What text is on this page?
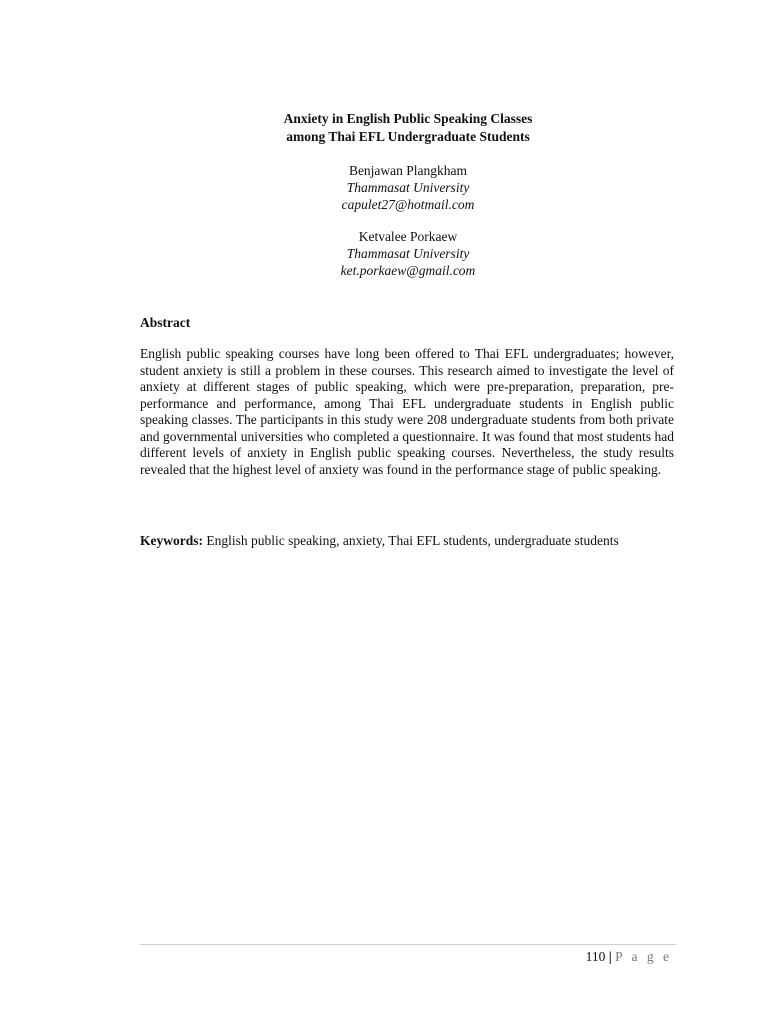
Anxiety in English Public Speaking Classes
among Thai EFL Undergraduate Students
Benjawan Plangkham
Thammasat University
capulet27@hotmail.com
Ketvalee Porkaew
Thammasat University
ket.porkaew@gmail.com
Abstract
English public speaking courses have long been offered to Thai EFL undergraduates; however, student anxiety is still a problem in these courses. This research aimed to investigate the level of anxiety at different stages of public speaking, which were pre-preparation, preparation, pre-performance and performance, among Thai EFL undergraduate students in English public speaking classes. The participants in this study were 208 undergraduate students from both private and governmental universities who completed a questionnaire. It was found that most students had different levels of anxiety in English public speaking courses. Nevertheless, the study results revealed that the highest level of anxiety was found in the performance stage of public speaking.
Keywords: English public speaking, anxiety, Thai EFL students, undergraduate students
110 | P a g e
